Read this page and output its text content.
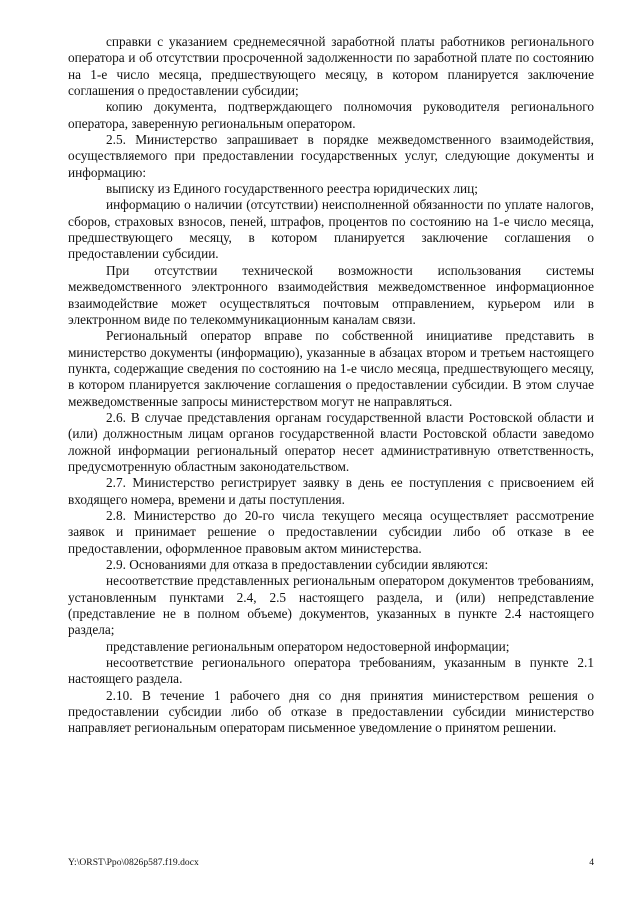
справки с указанием среднемесячной заработной платы работников регионального оператора и об отсутствии просроченной задолженности по заработной плате по состоянию на 1-е число месяца, предшествующего месяцу, в котором планируется заключение соглашения о предоставлении субсидии;

копию документа, подтверждающего полномочия руководителя регионального оператора, заверенную региональным оператором.

2.5. Министерство запрашивает в порядке межведомственного взаимодействия, осуществляемого при предоставлении государственных услуг, следующие документы и информацию:

выписку из Единого государственного реестра юридических лиц;

информацию о наличии (отсутствии) неисполненной обязанности по уплате налогов, сборов, страховых взносов, пеней, штрафов, процентов по состоянию на 1-е число месяца, предшествующего месяцу, в котором планируется заключение соглашения о предоставлении субсидии.

При отсутствии технической возможности использования системы межведомственного электронного взаимодействия межведомственное информационное взаимодействие может осуществляться почтовым отправлением, курьером или в электронном виде по телекоммуникационным каналам связи.

Региональный оператор вправе по собственной инициативе представить в министерство документы (информацию), указанные в абзацах втором и третьем настоящего пункта, содержащие сведения по состоянию на 1-е число месяца, предшествующего месяцу, в котором планируется заключение соглашения о предоставлении субсидии. В этом случае межведомственные запросы министерством могут не направляться.

2.6. В случае представления органам государственной власти Ростовской области и (или) должностным лицам органов государственной власти Ростовской области заведомо ложной информации региональный оператор несет административную ответственность, предусмотренную областным законодательством.

2.7. Министерство регистрирует заявку в день ее поступления с присвоением ей входящего номера, времени и даты поступления.

2.8. Министерство до 20-го числа текущего месяца осуществляет рассмотрение заявок и принимает решение о предоставлении субсидии либо об отказе в ее предоставлении, оформленное правовым актом министерства.

2.9. Основаниями для отказа в предоставлении субсидии являются:

несоответствие представленных региональным оператором документов требованиям, установленным пунктами 2.4, 2.5 настоящего раздела, и (или) непредставление (представление не в полном объеме) документов, указанных в пункте 2.4 настоящего раздела;

представление региональным оператором недостоверной информации;

несоответствие регионального оператора требованиям, указанным в пункте 2.1 настоящего раздела.

2.10. В течение 1 рабочего дня со дня принятия министерством решения о предоставлении субсидии либо об отказе в предоставлении субсидии министерство направляет региональным операторам письменное уведомление о принятом решении.

Y:\ORST\Ppo\0826p587.f19.docx	4
